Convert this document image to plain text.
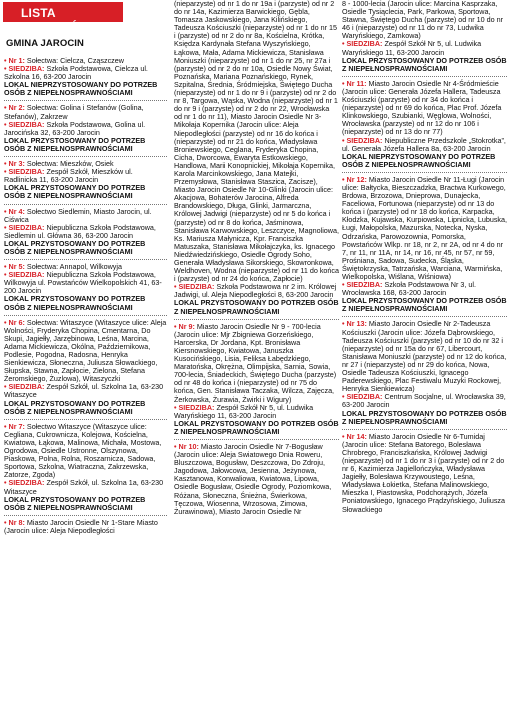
LISTA OBWODÓW
GMINA JAROCIN

• Nr 1: Sołectwa: Cielcza, Cząszczew

• SIEDZIBA: Szkoła Podstawowa, Cielcza ul. Szkolna 16, 63-200 Jarocin

LOKAL NIEPRZYSTOSOWANY DO POTRZEB OSÓB Z NIEPEŁNOSPRAWNOŚCIAMI

• Nr 2: Sołectwa: Golina i Stefanów (Golina, Stefanów), Zakrzew

• SIEDZIBA: Szkoła Podstawowa, Golina ul. Jarocińska 32, 63-200 Jarocin

LOKAL PRZYSTOSOWANY DO POTRZEB OSÓB Z NIEPEŁNOSPRAWNOŚCIAMI

• Nr 3: Sołectwa: Mieszków, Osiek

• SIEDZIBA: Zespół Szkół, Mieszków ul. Radlinicka 11, 63-200 Jarocin

LOKAL PRZYSTOSOWANY DO POTRZEB OSÓB Z NIEPEŁNOSPRAWNOŚCIAMI

• Nr 4: Sołectwo Siedlemin, Miasto Jarocin, ul. Ciświca

• SIEDZIBA: Niepubliczna Szkoła Podstawowa, Siedlemin ul. Główna 36, 63-200 Jarocin

LOKAL PRZYSTOSOWANY DO POTRZEB OSÓB Z NIEPEŁNOSPRAWNOŚCIAMI

• Nr 5: Sołectwa: Annapol, Wilkowyja

• SIEDZIBA: Niepubliczna Szkoła Podstawowa, Wilkowyja ul. Powstańców Wielkopolskich 41, 63-200 Jarocin

LOKAL PRZYSTOSOWANY DO POTRZEB OSÓB Z NIEPEŁNOSPRAWNOŚCIAMI

• Nr 6: Sołectwa: Witaszyce (Witaszyce ulice: Aleja Wolności, Fryderyka Chopina, Cmentarna, Do Skupi, Jagiełły, Jarzębinowa, Leśna, Marcina, Adama Mickiewicza, Okólna, Październikowa, Podlesie, Pogodna, Radosna, Henryka Sienkiewicza, Słoneczna, Juliusza Słowackiego, Słupska, Stawna, Zapłocie, Zielona, Stefana Żeromskiego, Żuzlowa), Witaszyczki

• SIEDZIBA: Zespół Szkół, ul. Szkolna 1a, 63-230 Witaszyce

LOKAL PRZYSTOSOWANY DO POTRZEB OSÓB Z NIEPEŁNOSPRAWNOŚCIAMI

• Nr 7: Sołectwo Witaszyce (Witaszyce ulice: Cegliana, Cukrownicza, Kolejowa, Kościelna, Kwiatowa, Łąkowa, Malinowa, Michała, Mostowa, Ogrodowa, Osiedle Ustronne, Olszynowa, Piaskowa, Polna, Rolna, Roszarnicza, Sadowa, Sportowa, Szkolna, Wiatraczna, Zakrzewska, Zatorze, Zgoda)

• SIEDZIBA: Zespół Szkół, ul. Szkolna 1a, 63-230 Witaszyce

LOKAL PRZYSTOSOWANY DO POTRZEB OSÓB Z NIEPEŁNOSPRAWNOŚCIAMI

• Nr 8: Miasto Jarocin Osiedle Nr 1-Stare Miasto (Jarocin ulice: Aleja Niepodległości

(nieparzyste) od nr 1 do nr 19a i (parzyste) od nr 2 do nr 14a, Kazimierza Barwickiego, Gębla, Tomasza Jaskowskiego, Jana Kilińskiego, Tadeusza Kościuszki (nieparzyste) od nr 1 do nr 15 i (parzyste) od nr 2 do nr 8a, Kościelna, Krótka, Księdza Kardynała Stefana Wyszyńskiego, Łąkowa, Mała, Adama Mickiewicza, Stanisława Moniuszki (nieparzyste) od nr 1 do nr 25, nr 27a i (parzyste) od nr 2 do nr 10a, Osiedle Nowy Świat, Poznańska, Mariana Poznańskiego, Rynek, Szpitalna, Średnia, Śródmiejska, Świętego Ducha (nieparzyste) od nr 1 do nr 9 i (parzyste) od nr 2 do nr 8, Targowa, Wąska, Wodna (nieparzyste) od nr 1 do nr 9 i (parzyste) od nr 2 do nr 22, Wrocławska od nr 1 do nr 11), Miasto Jarocin Osiedle Nr 3-Mikołaja Kopernika (Jarocin ulice: Aleja Niepodległości (parzyste) od nr 16 do końca i (nieparzyste) od nr 21 do końca, Władysława Broniewskiego, Ceglana, Fryderyka Chopina, Cicha, Dworcowa, Ewaryta Estkowskiego, Handlowa, Marii Konopnickiej, Mikołaja Kopernika, Karola Marcinkowskiego, Jana Matejki, Przemysłowa, Stanisława Staszica, Zacisze), Miasto Jarocin Osiedle Nr 10-Glinki (Jarocin ulice: Akacjowa, Bohaterów Jarocina, Alfreda Brandowskiego, Długa, Glinki, Jarmarczna, Królowej Jadwigi (nieparzyste) od nr 5 do końca i (parzyste) od nr 8 do końca, Jaśminowa, Stanisława Karwowskiego, Leszczyce, Magnoliowa, Ks. Mariusza Małynicza, Kpr. Franciszka Matuszaka, Stanisława Mikołajczyka, ks. Ignacego Niedźwiedzińskiego, Osiedle Ogrody Soho, Generała Władysława Sikorskiego, Skowronkowa, Weldhoven, Wodna (nieparzyste) od nr 11 do końca i (parzyste) od nr 24 do końca, Zapłocie)

• SIEDZIBA: Szkoła Podstawowa nr 2 im. Królowej Jadwigi, ul. Aleja Niepodległości 8, 63-200 Jarocin

LOKAL PRZYSTOSOWANY DO POTRZEB OSÓB Z NIEPEŁNOSPRAWNOŚCIAMI

• Nr 9: Miasto Jarocin Osiedle Nr 9 - 700-lecia (Jarocin ulice: Mjr Zbigniewa Gorzeńskiego, Harcerska, Dr Jordana, Kpt. Bronisława Kiersnowskiego, Kwiatowa, Januszka Kusocińskiego, Lisia, Feliksa Łabędzkiego, Maratońska, Okrężna, Olimpijska, Sarnia, Sowia, 700-lecia, Śniadeckich, Świętego Ducha (parzyste) od nr 48 do końca i (nieparzyste) od nr 75 do końca, Gen. Stanisława Taczaka, Wilcza, Zajęcza, Żerkowska, Żurawia, Żwirki i Wigury)

• SIEDZIBA: Zespół Szkół Nr 5, ul. Ludwika Waryńskiego 11, 63-200 Jarocin

LOKAL PRZYSTOSOWANY DO POTRZEB OSÓB Z NIEPEŁNOSPRAWNOŚCIAMI

• Nr 10: Miasto Jarocin Osiedle Nr 7-Bogusław (Jarocin ulice: Aleja Swiatowego Dnia Roweru, Bluszczowa, Bogusław, Deszczowa, Do Zdroju, Jagodowa, Jałowcowa, Jesienna, Jeżynowa, Kasztanowa, Konwaliowa, Kwiatowa, Lipowa, Osiedle Bogusław, Osiedle Ogrody, Poziomkowa, Różana, Słoneczna, Śnieżna, Świerkowa, Tęczowa, Wiosenna, Wrzosowa, Zimowa, Żurawinowa), Miasto Jarocin Osiedle Nr

8 - 1000-lecia (Jarocin ulice: Marcina Kasprzaka, Osiedle Tysiąclecia, Park, Parkowa, Sportowa, Stawna, Świętego Ducha (parzyste) od nr 10 do nr 46 i (nieparzyste) od nr 11 do nr 73, Ludwika Waryńskiego, Zamkowa)

• SIEDZIBA: Zespół Szkół Nr 5, ul. Ludwika Waryńskiego 11, 63-200 Jarocin

LOKAL PRZYSTOSOWANY DO POTRZEB OSÓB Z NIEPEŁNOSPRAWNOŚCIAMI

• Nr 11: Miasto Jarocin Osiedle Nr 4-Śródmieście (Jarocin ulice: Generała Józefa Hallera, Tadeusza Kościuszki (parzyste) od nr 34 do końca i (nieparzyste) od nr 69 do końca, Plac Prof. Józefa Klinkowskiego, Szubianki, Węglowa, Wolności, Wrocławska (parzyste) od nr 12 do nr 106 i (nieparzyste) od nr 13 do nr 77)

• SIEDZIBA: Niepubliczne Przedszkole „Stokrotka”, ul. Generała Józefa Hallera 8a, 63-200 Jarocin

LOKAL NIEPRZYSTOSOWANY DO POTRZEB OSÓB Z NIEPEŁNOSPRAWNOŚCIAMI

• Nr 12: Miasto Jarocin Osiedle Nr 11-Ługi (Jarocin ulice: Bałtycka, Bieszczadzka, Bractwa Kurkowego, Brdowa, Brzozowa, Dnieprowa, Dunajecka, Faceliowa, Fortunowa (nieparzyste) od nr 13 do końca i (parzyste) od nr 18 do końca, Karpacka, Kłodzka, Kujawska, Kurpiowska, Lipnicka, Lubuska, Ługi, Małopolska, Mazurska, Notecka, Nyska, Odrzańska, Parowozownia, Pomorska, Powstańców Wlkp. nr 18, nr 2, nr 2A, od nr 4 do nr 7, nr 11, nr 11A, nr 14, nr 16, nr 45, nr 57, nr 59, Prośniana, Sadowa, Sudecka, Śląska, Świętokrzyska, Tatrzańska, Warciana, Warmińska, Wielkopolska, Wiślana, Wiśniowa)

• SIEDZIBA: Szkoła Podstawowa Nr 3, ul. Wrocławska 168, 63-200 Jarocin

LOKAL PRZYSTOSOWANY DO POTRZEB OSÓB Z NIEPEŁNOSPRAWNOŚCIAMI

• Nr 13: Miasto Jarocin Osiedle Nr 2-Tadeusza Kościuszki (Jarocin ulice: Józefa Dąbrowskiego, Tadeusza Kościuszki (parzyste) od nr 10 do nr 32 i (nieparzyste) od nr 15a do nr 67, Libercourt, Stanisława Moniuszki (parzyste) od nr 12 do końca, nr 27 i (nieparzyste) od nr 29 do końca, Nowa, Osiedle Tadeusza Kościuszki, Ignacego Paderewskiego, Plac Festiwalu Muzyki Rockowej, Henryka Sienkiewicza)

• SIEDZIBA: Centrum Socjalne, ul. Wrocławska 39, 63-200 Jarocin

LOKAL PRZYSTOSOWANY DO POTRZEB OSÓB Z NIEPEŁNOSPRAWNOŚCIAMI

• Nr 14: Miasto Jarocin Osiedle Nr 6-Tumidaj (Jarocin ulice: Stefana Batorego, Bolesława Chrobrego, Franciszkańska, Królowej Jadwigi (nieparzyste) od nr 1 do nr 3 i (parzyste) od nr 2 do nr 6, Kazimierza Jagiellończyka, Władysława Jagiełły, Bolesława Krzywoustego, Leśna, Władysława Łokietka, Stefana Malinowskiego, Mieszka I, Piastowska, Podchorążych, Józefa Poniatowskiego, Ignacego Prądzyńskiego, Juliusza Słowackiego
